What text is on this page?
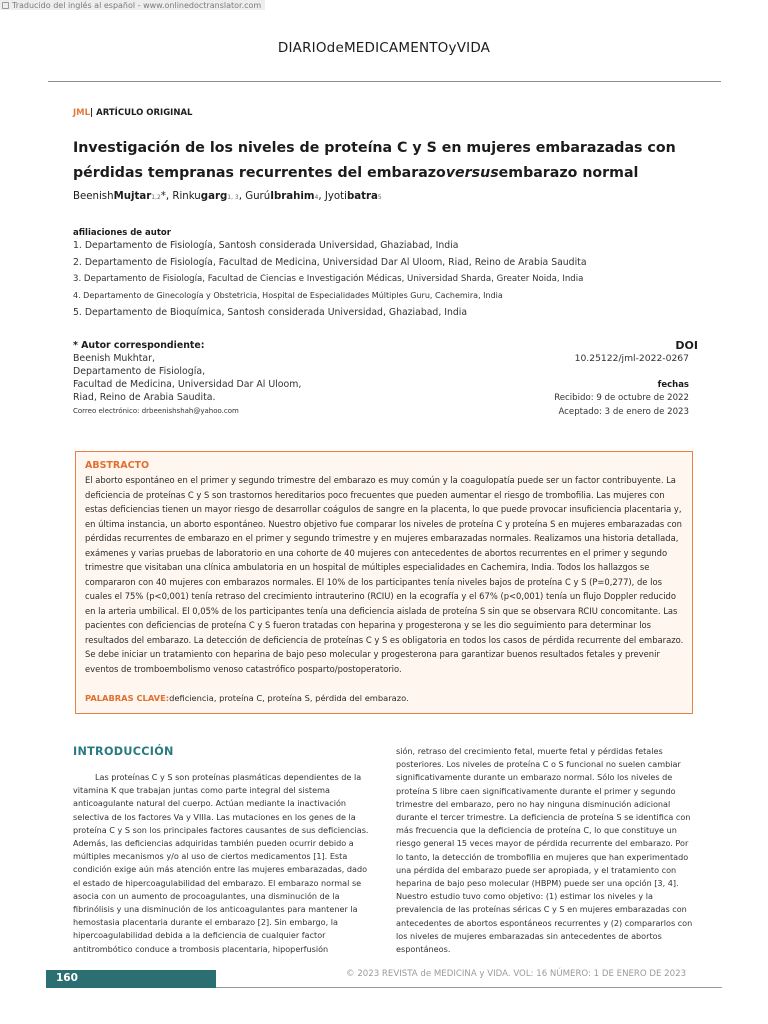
Traducido del inglés al español - www.onlinedoctranslator.com
DIARIOdeMEDICAMENTOyVIDA
JML| ARTÍCULO ORIGINAL
Investigación de los niveles de proteína C y S en mujeres embarazadas con
pérdidas tempranas recurrentes del embarazoversusembarazo normal
BeenishMujtar1,2*, Rinkugarg1, 3, GurúIbrahim4, Jyotibatra5
afiliaciones de autor
1. Departamento de Fisiología, Santosh considerada Universidad, Ghaziabad, India
2. Departamento de Fisiología, Facultad de Medicina, Universidad Dar Al Uloom, Riad, Reino de Arabia Saudita
3. Departamento de Fisiología, Facultad de Ciencias e Investigación Médicas, Universidad Sharda, Greater Noida, India
4. Departamento de Ginecología y Obstetricia, Hospital de Especialidades Múltiples Guru, Cachemira, India
5. Departamento de Bioquímica, Santosh considerada Universidad, Ghaziabad, India
* Autor correspondiente:
Beenish Mukhtar,
Departamento de Fisiología,
Facultad de Medicina, Universidad Dar Al Uloom,
Riad, Reino de Arabia Saudita.
Correo electrónico: drbeenishshah@yahoo.com
DOI
10.25122/jml-2022-0267
fechas
Recibido: 9 de octubre de 2022
Aceptado: 3 de enero de 2023
ABSTRACTO

El aborto espontáneo en el primer y segundo trimestre del embarazo es muy común y la coagulopatía puede ser un factor contribuyente. La deficiencia de proteínas C y S son trastornos hereditarios poco frecuentes que pueden aumentar el riesgo de trombofilia. Las mujeres con estas deficiencias tienen un mayor riesgo de desarrollar coágulos de sangre en la placenta, lo que puede provocar insuficiencia placentaria y, en última instancia, un aborto espontáneo. Nuestro objetivo fue comparar los niveles de proteína C y proteína S en mujeres embarazadas con pérdidas recurrentes de embarazo en el primer y segundo trimestre y en mujeres embarazadas normales. Realizamos una historia detallada, exámenes y varias pruebas de laboratorio en una cohorte de 40 mujeres con antecedentes de abortos recurrentes en el primer y segundo trimestre que visitaban una clínica ambulatoria en un hospital de múltiples especialidades en Cachemira, India. Todos los hallazgos se compararon con 40 mujeres con embarazos normales. El 10% de los participantes tenía niveles bajos de proteína C y S (P=0,277), de los cuales el 75% (p<0,001) tenía retraso del crecimiento intrauterino (RCIU) en la ecografía y el 67% (p<0,001) tenía un flujo Doppler reducido en la arteria umbilical. El 0,05% de los participantes tenía una deficiencia aislada de proteína S sin que se observara RCIU concomitante. Las pacientes con deficiencias de proteína C y S fueron tratadas con heparina y progesterona y se les dio seguimiento para determinar los resultados del embarazo. La detección de deficiencia de proteínas C y S es obligatoria en todos los casos de pérdida recurrente del embarazo. Se debe iniciar un tratamiento con heparina de bajo peso molecular y progesterona para garantizar buenos resultados fetales y prevenir eventos de tromboembolismo venoso catastrófico posparto/postoperatorio.

PALABRAS CLAVE:deficiencia, proteína C, proteína S, pérdida del embarazo.
INTRODUCCIÓN

Las proteínas C y S son proteínas plasmáticas dependientes de la vitamina K que trabajan juntas como parte integral del sistema anticoagulante natural del cuerpo. Actúan mediante la inactivación selectiva de los factores Va y VIIIa. Las mutaciones en los genes de la proteína C y S son los principales factores causantes de sus deficiencias. Además, las deficiencias adquiridas también pueden ocurrir debido a múltiples mecanismos y/o al uso de ciertos medicamentos [1]. Esta condición exige aún más atención entre las mujeres embarazadas, dado el estado de hipercoagulabilidad del embarazo. El embarazo normal se asocia con un aumento de procoagulantes, una disminución de la fibrinólisis y una disminución de los anticoagulantes para mantener la hemostasia placentaria durante el embarazo [2]. Sin embargo, la hipercoagulabilidad debida a la deficiencia de cualquier factor antitrombótico conduce a trombosis placentaria, hipoperfusión

sión, retraso del crecimiento fetal, muerte fetal y pérdidas fetales posteriores. Los niveles de proteína C o S funcional no suelen cambiar significativamente durante un embarazo normal. Sólo los niveles de proteína S libre caen significativamente durante el primer y segundo trimestre del embarazo, pero no hay ninguna disminución adicional durante el tercer trimestre. La deficiencia de proteína S se identifica con más frecuencia que la deficiencia de proteína C, lo que constituye un riesgo general 15 veces mayor de pérdida recurrente del embarazo. Por lo tanto, la detección de trombofilia en mujeres que han experimentado una pérdida del embarazo puede ser apropiada, y el tratamiento con heparina de bajo peso molecular (HBPM) puede ser una opción [3, 4]. Nuestro estudio tuvo como objetivo: (1) estimar los niveles y la prevalencia de las proteínas séricas C y S en mujeres embarazadas con antecedentes de abortos espontáneos recurrentes y (2) compararlos con los niveles de mujeres embarazadas sin antecedentes de abortos espontáneos.

160	© 2023 REVISTA de MEDICINA y VIDA. VOL: 16 NÚMERO: 1 DE ENERO DE 2023
